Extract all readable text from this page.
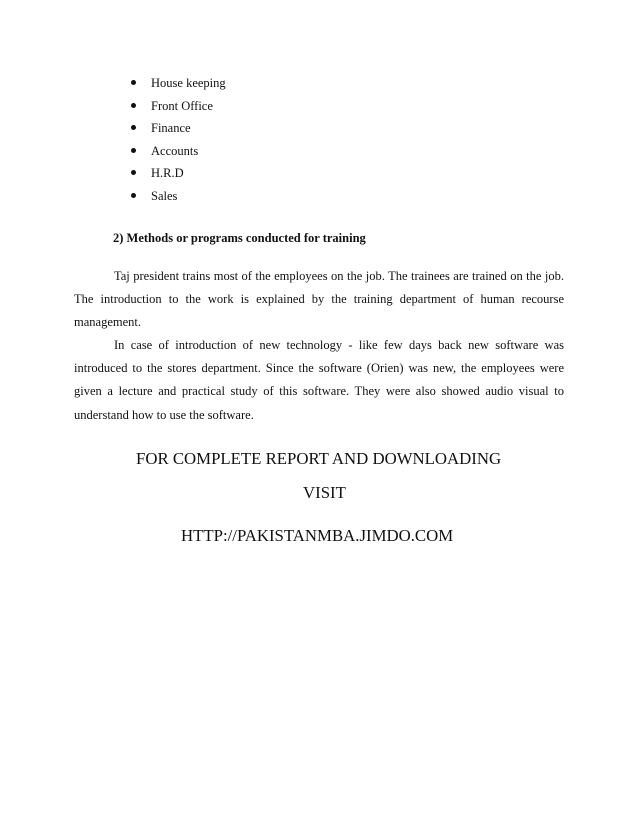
House keeping
Front Office
Finance
Accounts
H.R.D
Sales
2) Methods or programs conducted for training

Taj president trains most of the employees on the job. The trainees are trained on the job. The introduction to the work is explained by the training department of human recourse management.

In case of introduction of new technology - like few days back new software was introduced to the stores department. Since the software (Orien) was new, the employees were given a lecture and practical study of this software. They were also showed audio visual to understand how to use the software.

FOR COMPLETE REPORT AND DOWNLOADING
VISIT
HTTP://PAKISTANMBA.JIMDO.COM
